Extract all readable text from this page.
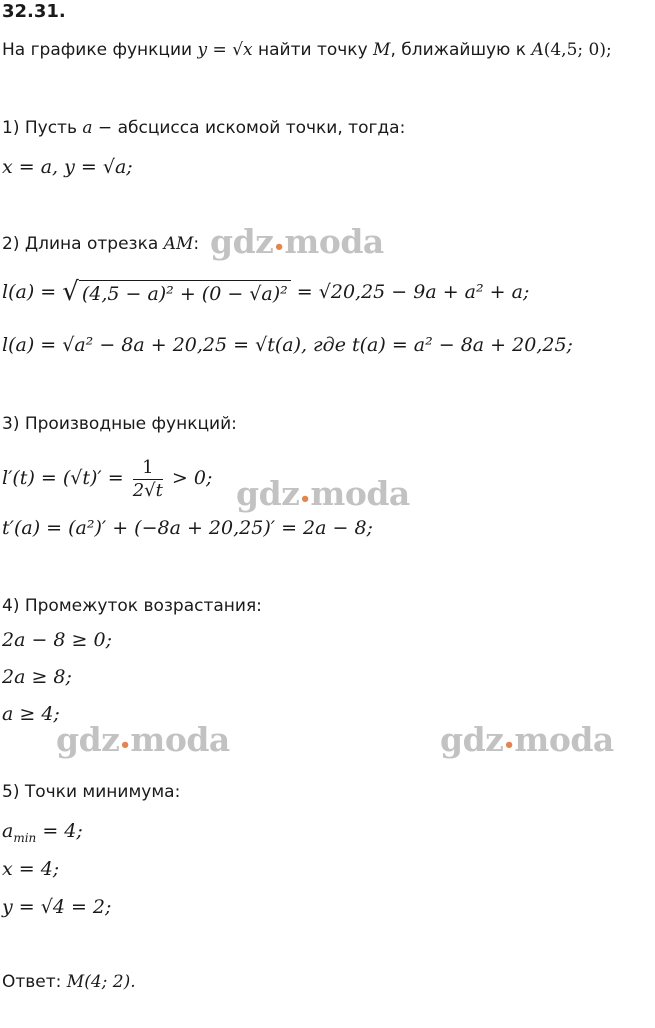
32.31.
На графике функции y = √x найти точку M, ближайшую к A(4,5; 0);
1) Пусть a − абсцисса искомой точки, тогда:
x = a, y = √a;
2) Длина отрезка AM:
l(a) = √ (4,5 − a)² + (0 − √a)² = √20,25 − 9a + a² + a;
l(a) = √a² − 8a + 20,25 = √t(a), где t(a) = a² − 8a + 20,25;
3) Производные функций:
$l'(t) = (√t)' = \frac{1}{2√t} > 0$;
t′(a) = (a²)′ + (−8a + 20,25)′ = 2a − 8;
4) Промежуток возрастания:
2a − 8 ≥ 0;
2a ≥ 8;
a ≥ 4;
5) Точки минимума:
$a_{min} = 4$;
x = 4;
y = √4 = 2;
Ответ: M(4; 2).
gdz•moda
gdz•moda
gdz•moda	gdz•moda
